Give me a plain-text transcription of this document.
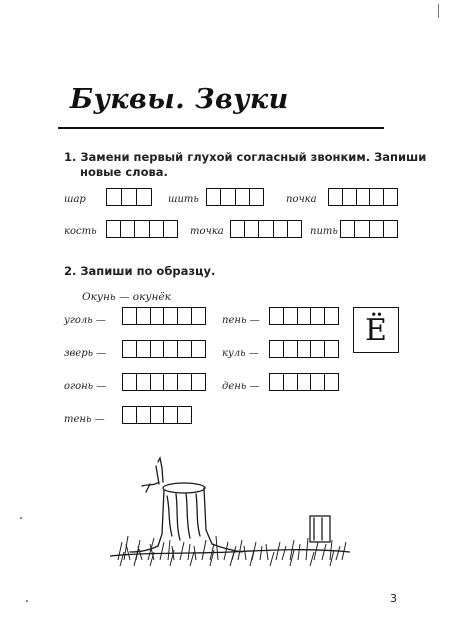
Буквы. Звуки
1. Замени первый глухой согласный звонким. Запиши
новые слова.
шар	шить	почка
кость	точка	пить
2. Запиши по образцу.
Окунь — окунёк
уголь —	пень —
зверь —	куль —
огонь —	день —
тень —
Ё
3
